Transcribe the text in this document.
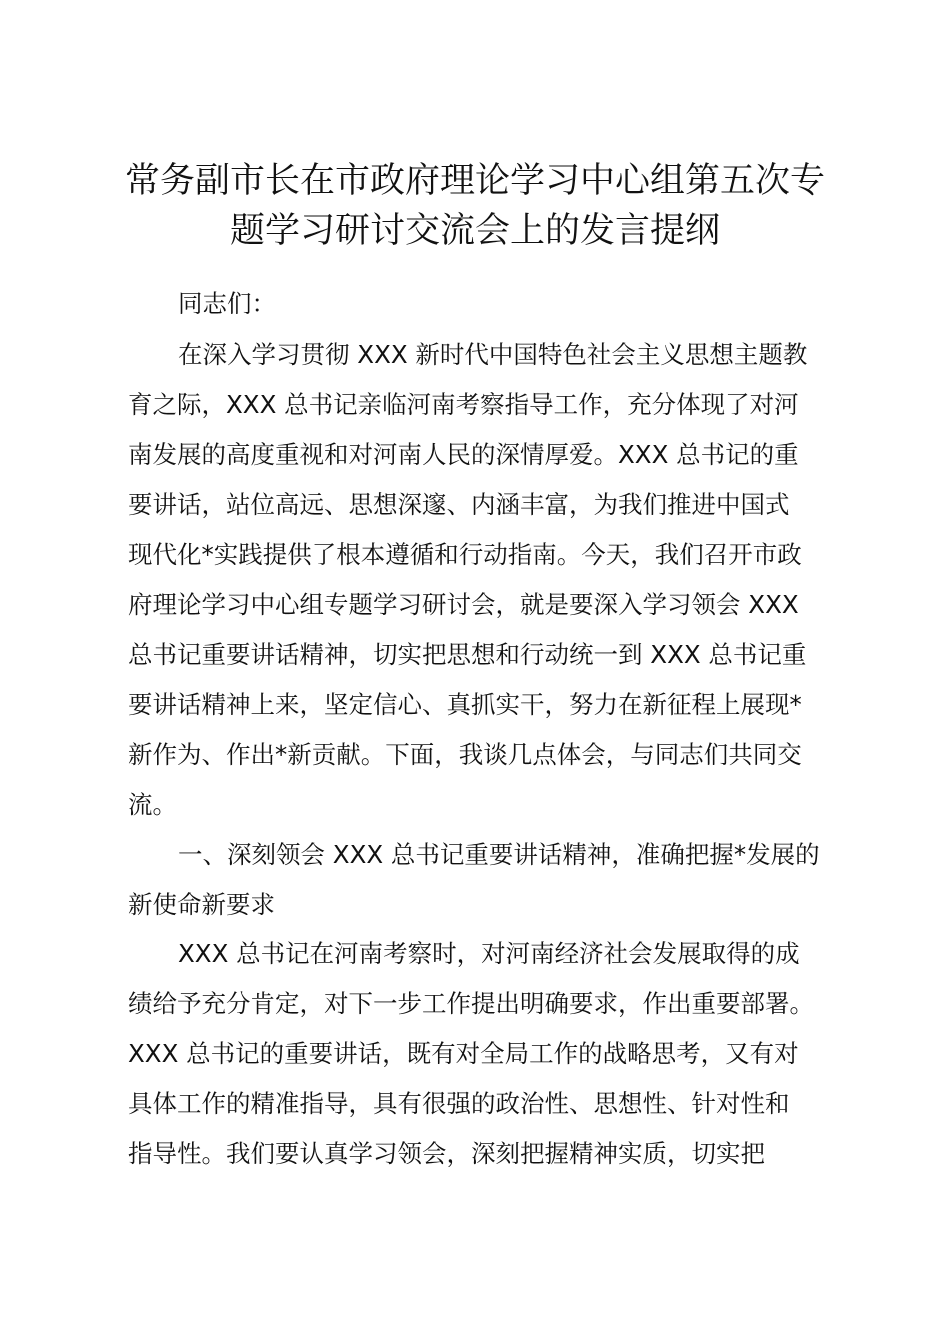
常务副市长在市政府理论学习中心组第五次专
题学习研讨交流会上的发言提纲
同志们：
在深入学习贯彻 XXX 新时代中国特色社会主义思想主题教
育之际，XXX 总书记亲临河南考察指导工作，充分体现了对河
南发展的高度重视和对河南人民的深情厚爱。XXX 总书记的重
要讲话，站位高远、思想深邃、内涵丰富，为我们推进中国式
现代化*实践提供了根本遵循和行动指南。今天，我们召开市政
府理论学习中心组专题学习研讨会，就是要深入学习领会 XXX
总书记重要讲话精神，切实把思想和行动统一到 XXX 总书记重
要讲话精神上来，坚定信心、真抓实干，努力在新征程上展现*
新作为、作出*新贡献。下面，我谈几点体会，与同志们共同交
流。
一、深刻领会 XXX 总书记重要讲话精神，准确把握*发展的
新使命新要求
XXX 总书记在河南考察时，对河南经济社会发展取得的成
绩给予充分肯定，对下一步工作提出明确要求，作出重要部署。
XXX 总书记的重要讲话，既有对全局工作的战略思考，又有对
具体工作的精准指导，具有很强的政治性、思想性、针对性和
指导性。我们要认真学习领会，深刻把握精神实质，切实把
